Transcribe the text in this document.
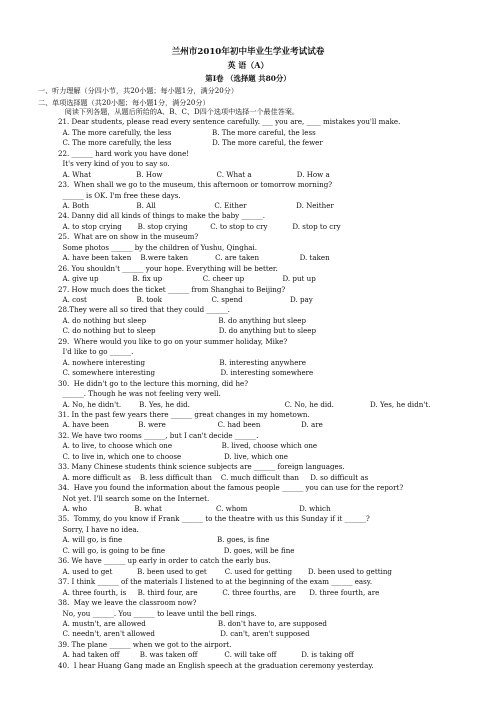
兰州市2010年初中毕业生学业考试试卷
英 语（A）
第Ⅰ卷 （选择题 共80分）
一、听力理解（分四小节，共20小题；每小题1分，满分20分）
二、单项选择题（共20小题；每小题1分，满分20分）
阅读下列各题，从题后所给的A、B、C、D四个选项中选择一个最佳答案。
21. Dear students, please read every sentence carefully. ___ you are, ____ mistakes you'll make.
A. The more carefully, the less                  B. The more careful, the less
C. The more carefully, the less                  D. The more careful, the fewer
22. ______ hard work you have done!
It's very kind of you to say so.
A. What                    B. How                        C. What a                    D. How a
23.  When shall we go to the museum, this afternoon or tomorrow morning?
______ is OK. I'm free these days.
A. Both                     B. All                          C. Either                      D. Neither
24. Danny did all kinds of things to make the baby ______.
A. to stop crying       B. stop crying          C. to stop to cry           D. stop to cry
25.  What are on show in the museum?
Some photos ______ by the children of Yushu, Qinghai.
A. have been taken    B.were taken            C. are taken                  D. taken
26. You shouldn't ______ your hope. Everything will be better.
A. give up               B. fix up                  C. cheer up                 D. put up
27. How much does the ticket ______ from Shanghai to Beijing?
A. cost                      B. took                      C. spend                     D. pay
28.They were all so tired that they could ______.
A. do nothing but sleep                                B. do anything but sleep
C. do nothing but to sleep                            D. do anything but to sleep
29.  Where would you like to go on your summer holiday, Mike?
I'd like to go ______.
A. nowhere interesting                                 B. interesting anywhere
C. somewhere interesting                             D. interesting somewhere
30.  He didn't go to the lecture this morning, did he?
______. Though he was not feeling very well.
A. No, he didn't.        B. Yes, he did.                                          C. No, he did.                D. Yes, he didn't.
31. In the past few years there ______ great changes in my hometown.
A. have been             B. were                       C. had been                  D. are
32. We have two rooms ______, but I can't decide ______.
A. to live, to choose which one                      B. lived, choose which one
C. to live in, which one to choose                   D. live, which one
33. Many Chinese students think science subjects are ______ foreign languages.
A. more difficult as    B. less difficult than    C. much difficult than     D. so difficult as
34.  Have you found the information about the famous people ______ you can use for the report?
Not yet. I'll search some on the Internet.
A. who                     B. what                        C. whom                       D. which
35.  Tommy, do you know if Frank ______ to the theatre with us this Sunday if it ______?
Sorry, I have no idea.
A. will go, is fine                                          B. goes, is fine
C. will go, is going to be fine                          D. goes, will be fine
36. We have ______ up early in order to catch the early bus.
A. used to get           B. been used to get        C. used for getting       D. been used to getting
37. I think ______ of the materials I listened to at the beginning of the exam ______ easy.
A. three fourth, is     B. third four, are           C. three fourths, are      D. three fourth, are
38.  May we leave the classroom now?
No, you ______. You ______ to leave until the bell rings.
A. mustn't, are allowed                                B. don't have to, are supposed
C. needn't, aren't allowed                             D. can't, aren't supposed
39. The plane ______ when we got to the airport.
A. had taken off         B. was taken off            C. will take off           D. is taking off
40.  I hear Huang Gang made an English speech at the graduation ceremony yesterday.
